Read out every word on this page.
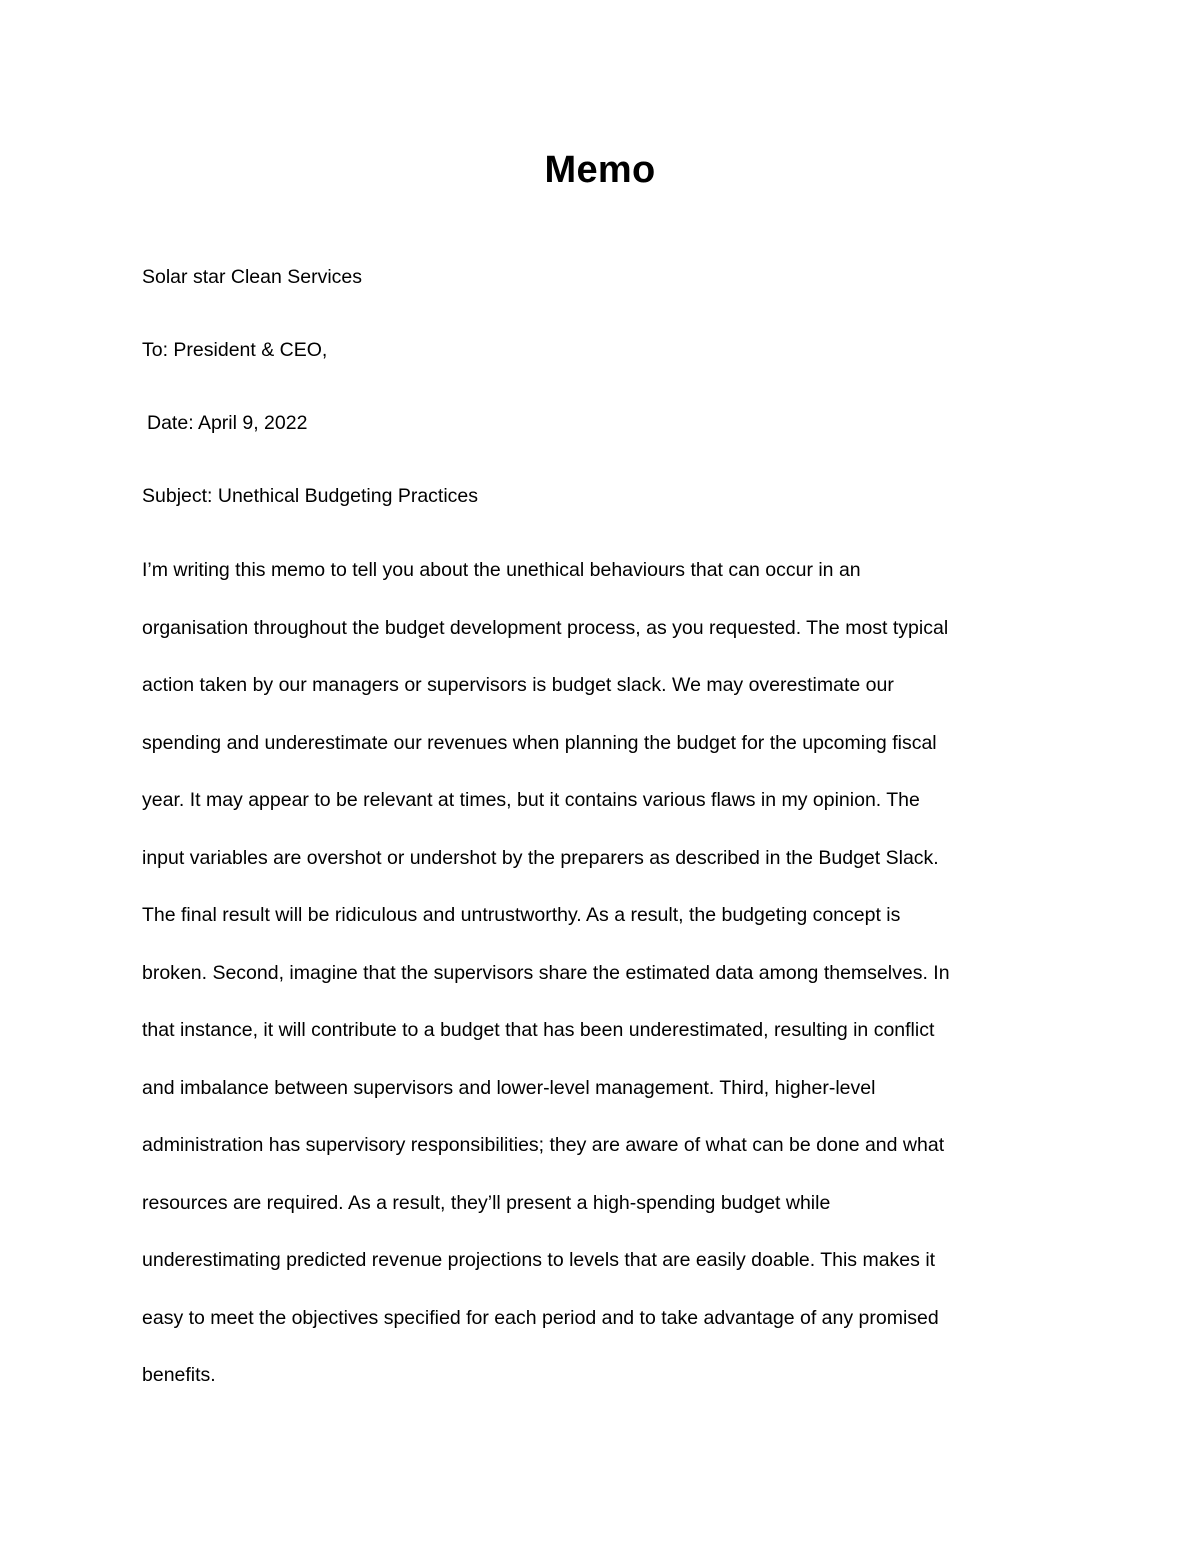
Memo
Solar star Clean Services
To: President & CEO,
Date: April 9, 2022
Subject: Unethical Budgeting Practices
I’m writing this memo to tell you about the unethical behaviours that can occur in an
organisation throughout the budget development process, as you requested. The most typical
action taken by our managers or supervisors is budget slack. We may overestimate our
spending and underestimate our revenues when planning the budget for the upcoming fiscal
year. It may appear to be relevant at times, but it contains various flaws in my opinion. The
input variables are overshot or undershot by the preparers as described in the Budget Slack.
The final result will be ridiculous and untrustworthy. As a result, the budgeting concept is
broken. Second, imagine that the supervisors share the estimated data among themselves. In
that instance, it will contribute to a budget that has been underestimated, resulting in conflict
and imbalance between supervisors and lower-level management. Third, higher-level
administration has supervisory responsibilities; they are aware of what can be done and what
resources are required. As a result, they’ll present a high-spending budget while
underestimating predicted revenue projections to levels that are easily doable. This makes it
easy to meet the objectives specified for each period and to take advantage of any promised
benefits.
